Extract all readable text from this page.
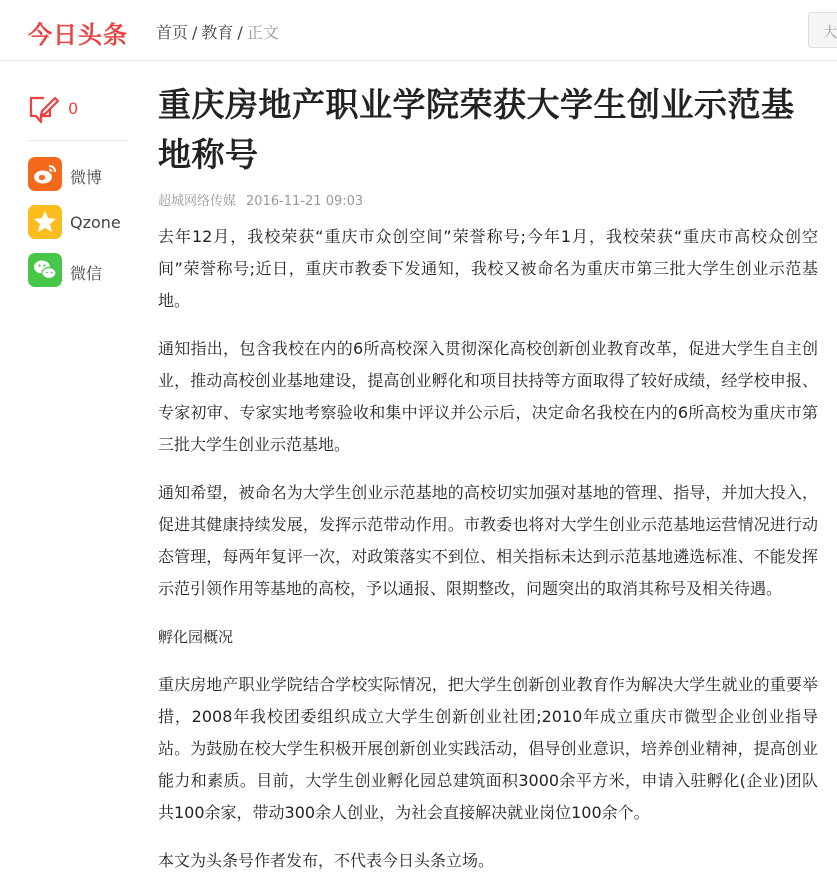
今日头条 首页 / 教育 / 正文	大
0
微博
Qzone
微信
重庆房地产职业学院荣获大学生创业示范基地称号
超城网络传媒 2016-11-21 09:03

去年12月，我校荣获“重庆市众创空间”荣誉称号;今年1月，我校荣获“重庆市高校众创空间”荣誉称号;近日，重庆市教委下发通知，我校又被命名为重庆市第三批大学生创业示范基地。

通知指出，包含我校在内的6所高校深入贯彻深化高校创新创业教育改革，促进大学生自主创业，推动高校创业基地建设，提高创业孵化和项目扶持等方面取得了较好成绩，经学校申报、专家初审、专家实地考察验收和集中评议并公示后，决定命名我校在内的6所高校为重庆市第三批大学生创业示范基地。

通知希望，被命名为大学生创业示范基地的高校切实加强对基地的管理、指导，并加大投入，促进其健康持续发展，发挥示范带动作用。市教委也将对大学生创业示范基地运营情况进行动态管理，每两年复评一次，对政策落实不到位、相关指标未达到示范基地遴选标准、不能发挥示范引领作用等基地的高校，予以通报、限期整改，问题突出的取消其称号及相关待遇。

孵化园概况

重庆房地产职业学院结合学校实际情况，把大学生创新创业教育作为解决大学生就业的重要举措，2008年我校团委组织成立大学生创新创业社团;2010年成立重庆市微型企业创业指导站。为鼓励在校大学生积极开展创新创业实践活动，倡导创业意识，培养创业精神，提高创业能力和素质。目前，大学生创业孵化园总建筑面积3000余平方米，申请入驻孵化(企业)团队共100余家，带动300余人创业，为社会直接解决就业岗位100余个。

本文为头条号作者发布，不代表今日头条立场。
